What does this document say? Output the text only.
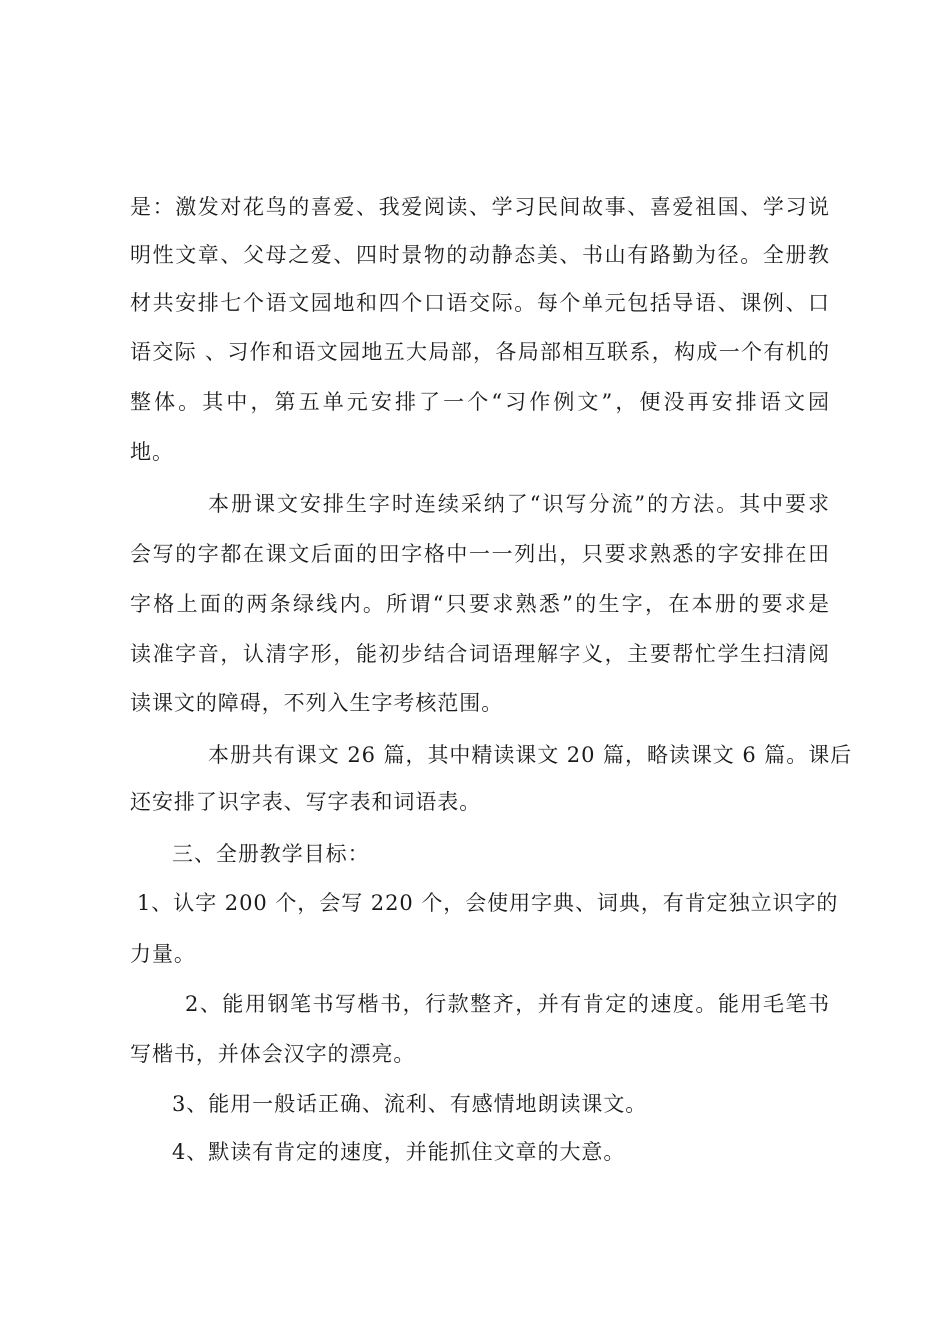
是：激发对花鸟的喜爱、我爱阅读、学习民间故事、喜爱祖国、学习说
明性文章、父母之爱、四时景物的动静态美、书山有路勤为径。全册教
材共安排七个语文园地和四个口语交际。每个单元包括导语、课例、口
语交际 、习作和语文园地五大局部，各局部相互联系，构成一个有机的
整体。其中，第五单元安排了一个“习作例文”，便没再安排语文园
地。
本册课文安排生字时连续采纳了“识写分流”的方法。其中要求
会写的字都在课文后面的田字格中一一列出，只要求熟悉的字安排在田
字格上面的两条绿线内。所谓“只要求熟悉”的生字，在本册的要求是
读准字音，认清字形，能初步结合词语理解字义，主要帮忙学生扫清阅
读课文的障碍，不列入生字考核范围。
本册共有课文 26 篇，其中精读课文 20 篇，略读课文 6 篇。课后
还安排了识字表、写字表和词语表。
三、全册教学目标：
1、认字 200 个，会写 220 个，会使用字典、词典，有肯定独立识字的
力量。
2、能用钢笔书写楷书，行款整齐，并有肯定的速度。能用毛笔书
写楷书，并体会汉字的漂亮。
3、能用一般话正确、流利、有感情地朗读课文。
4、默读有肯定的速度，并能抓住文章的大意。
